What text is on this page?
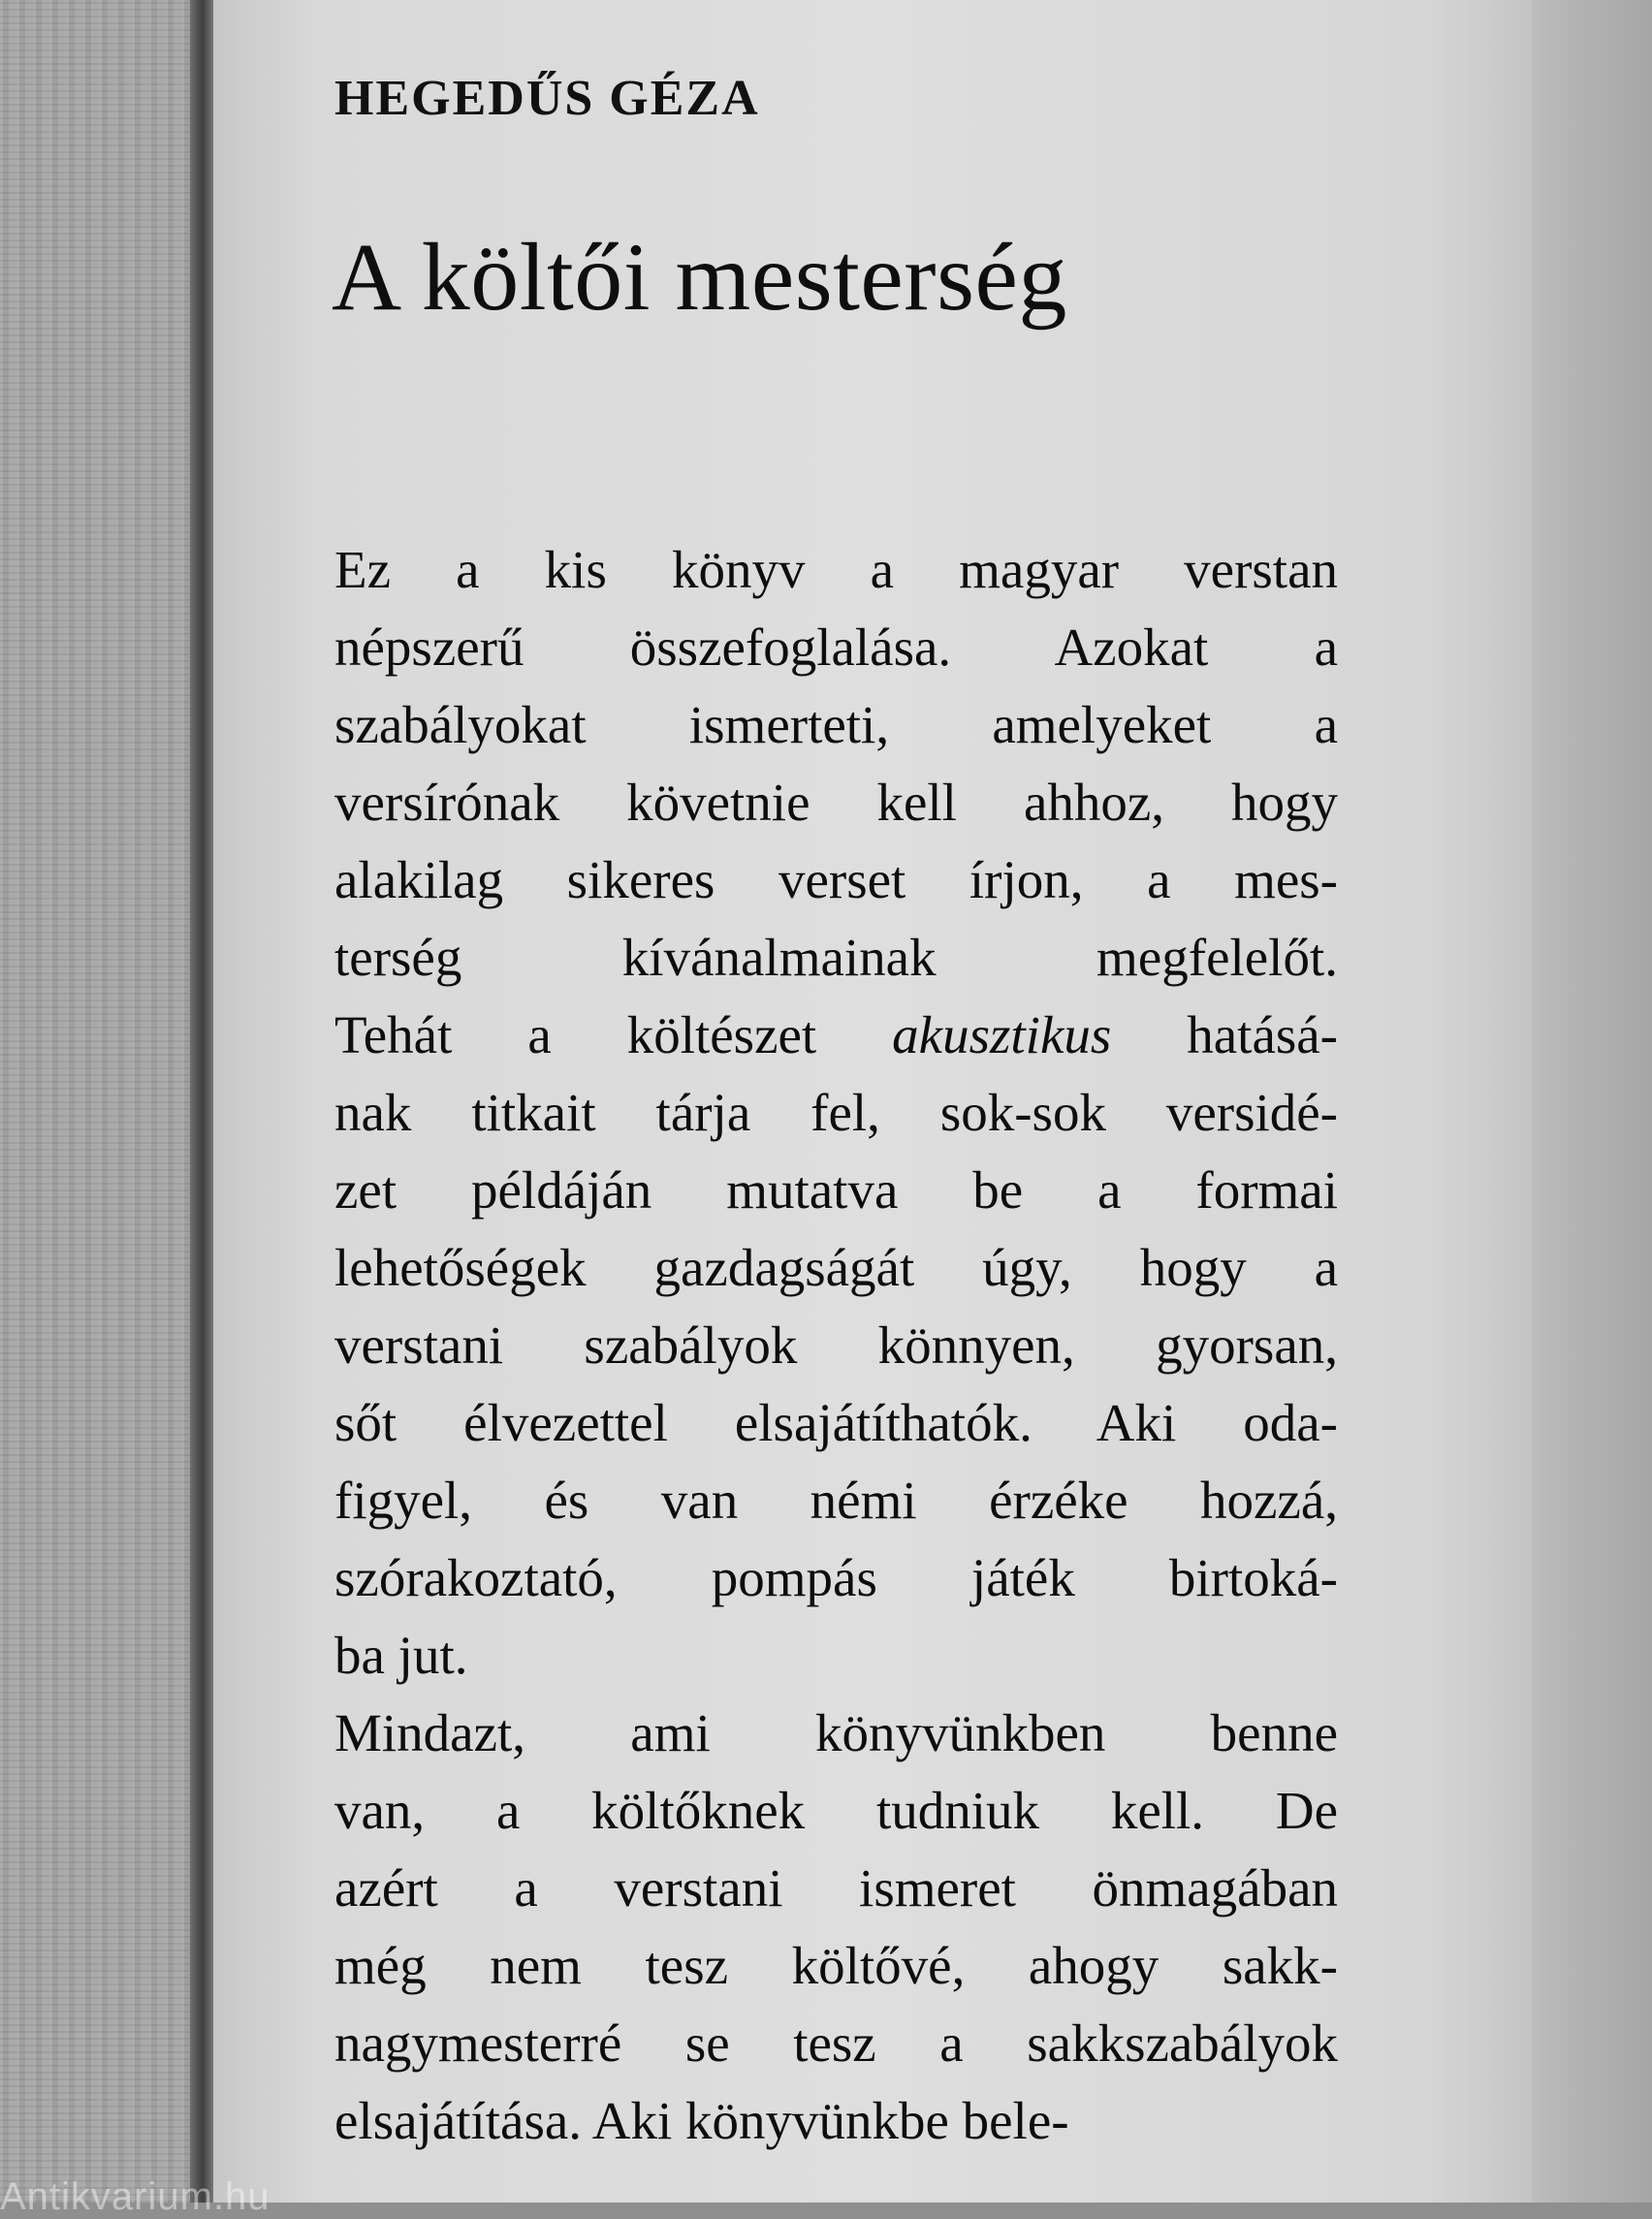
HEGEDŰS GÉZA
A költői mesterség
Ez a kis könyv a magyar verstan
népszerű összefoglalása. Azokat a
szabályokat ismerteti, amelyeket a
versírónak követnie kell ahhoz, hogy
alakilag sikeres verset írjon, a mes-
terség kívánalmainak megfelelőt.
Tehát a költészet akusztikus hatásá-
nak titkait tárja fel, sok-sok versidé-
zet példáján mutatva be a formai
lehetőségek gazdagságát úgy, hogy a
verstani szabályok könnyen, gyorsan,
sőt élvezettel elsajátíthatók. Aki oda-
figyel, és van némi érzéke hozzá,
szórakoztató, pompás játék birtoká-
ba jut.
Mindazt, ami könyvünkben benne
van, a költőknek tudniuk kell. De
azért a verstani ismeret önmagában
még nem tesz költővé, ahogy sakk-
nagymesterré se tesz a sakkszabályok
elsajátítása. Aki könyvünkbe bele-

Antikvarium.hu
